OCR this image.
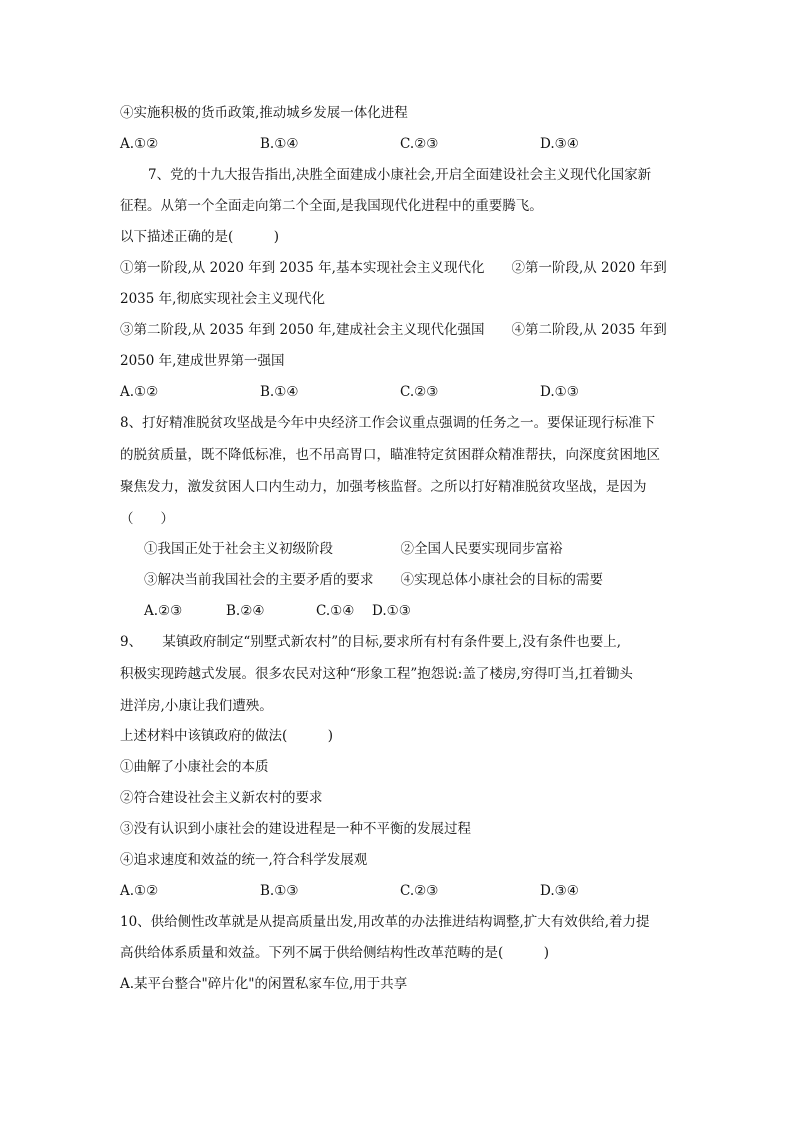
④实施积极的货币政策,推动城乡发展一体化进程
A.①②	B.①④	C.②③	D.③④
7、党的十九大报告指出,决胜全面建成小康社会,开启全面建设社会主义现代化国家新
征程。从第一个全面走向第二个全面,是我国现代化进程中的重要腾飞。
以下描述正确的是(　　　)
①第一阶段,从 2020 年到 2035 年,基本实现社会主义现代化　　②第一阶段,从 2020 年到
2035 年,彻底实现社会主义现代化
③第二阶段,从 2035 年到 2050 年,建成社会主义现代化强国　　④第二阶段,从 2035 年到
2050 年,建成世界第一强国
A.①②	B.①④	C.②③	D.①③
8、打好精准脱贫攻坚战是今年中央经济工作会议重点强调的任务之一。要保证现行标准下
的脱贫质量，既不降低标准，也不吊高胃口，瞄准特定贫困群众精准帮扶，向深度贫困地区
聚焦发力，激发贫困人口内生动力，加强考核监督。之所以打好精准脱贫攻坚战，是因为
（　　）
①我国正处于社会主义初级阶段　　　　　②全国人民要实现同步富裕
③解决当前我国社会的主要矛盾的要求　　④实现总体小康社会的目标的需要
A.②③	B.②④	C.①④ D.①③
9、　　某镇政府制定“别墅式新农村”的目标,要求所有村有条件要上,没有条件也要上,
积极实现跨越式发展。很多农民对这种“形象工程”抱怨说:盖了楼房,穷得叮当,扛着锄头
进洋房,小康让我们遭殃。
上述材料中该镇政府的做法(　　　)
①曲解了小康社会的本质
②符合建设社会主义新农村的要求
③没有认识到小康社会的建设进程是一种不平衡的发展过程
④追求速度和效益的统一,符合科学发展观
A.①②	B.①③	C.②③	D.③④
10、供给侧性改革就是从提高质量出发,用改革的办法推进结构调整,扩大有效供给,着力提
高供给体系质量和效益。下列不属于供给侧结构性改革范畴的是(　　　)
A.某平台整合"碎片化"的闲置私家车位,用于共享
